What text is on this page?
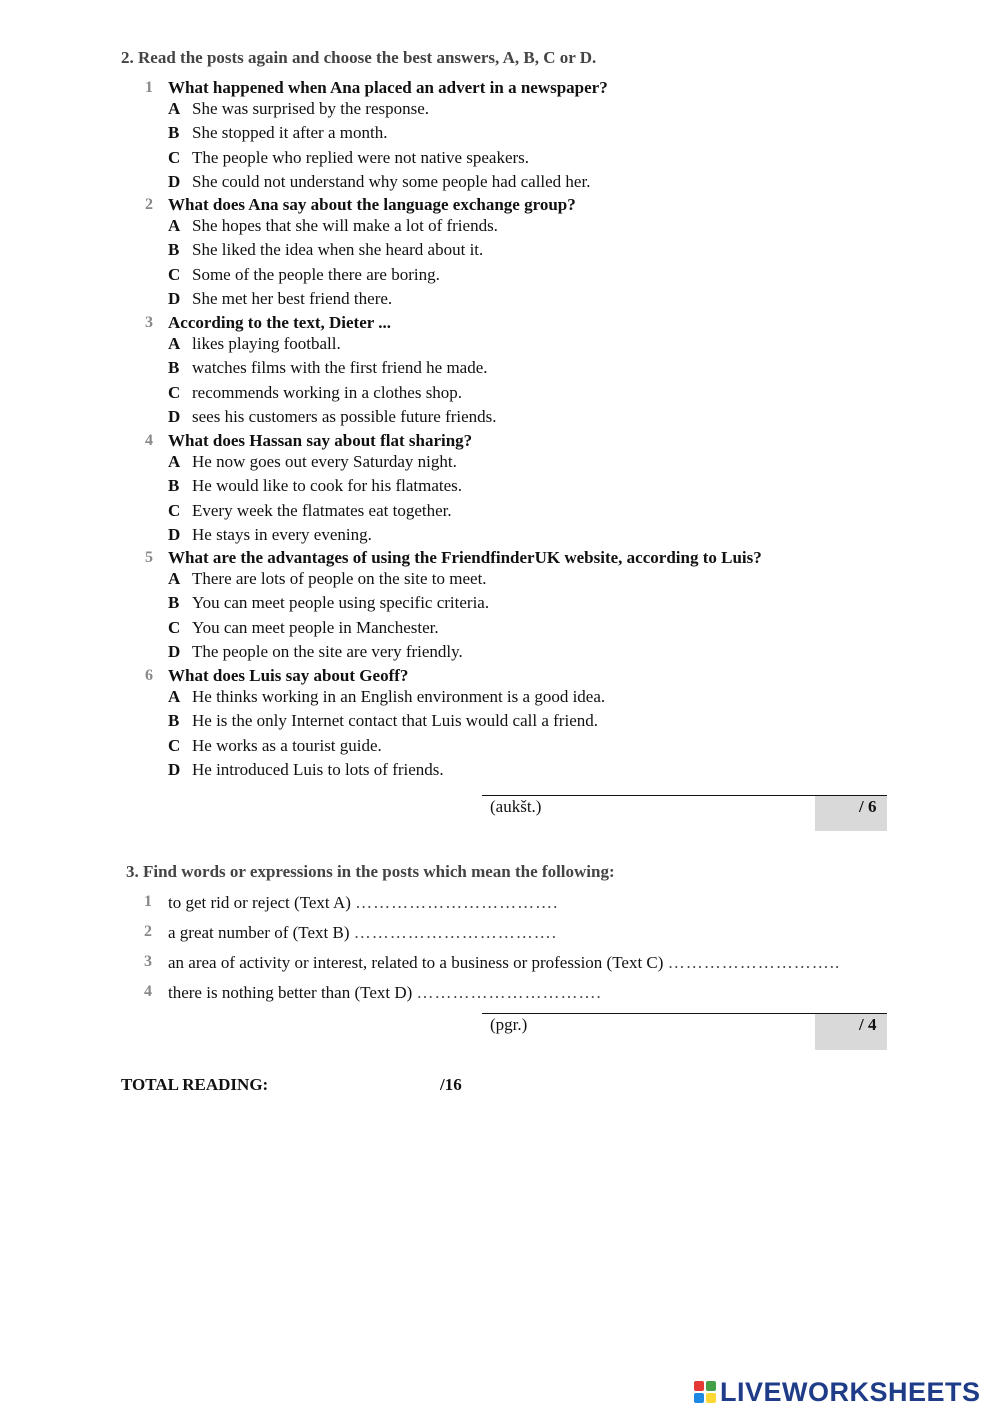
2. Read the posts again and choose the best answers, A, B, C or D.
1 What happened when Ana placed an advert in a newspaper?
A She was surprised by the response.
B She stopped it after a month.
C The people who replied were not native speakers.
D She could not understand why some people had called her.
2 What does Ana say about the language exchange group?
A She hopes that she will make a lot of friends.
B She liked the idea when she heard about it.
C Some of the people there are boring.
D She met her best friend there.
3 According to the text, Dieter ...
A likes playing football.
B watches films with the first friend he made.
C recommends working in a clothes shop.
D sees his customers as possible future friends.
4 What does Hassan say about flat sharing?
A He now goes out every Saturday night.
B He would like to cook for his flatmates.
C Every week the flatmates eat together.
D He stays in every evening.
5 What are the advantages of using the FriendfinderUK website, according to Luis?
A There are lots of people on the site to meet.
B You can meet people using specific criteria.
C You can meet people in Manchester.
D The people on the site are very friendly.
6 What does Luis say about Geoff?
A He thinks working in an English environment is a good idea.
B He is the only Internet contact that Luis would call a friend.
C He works as a tourist guide.
D He introduced Luis to lots of friends.
(aukšt.)	/ 6
3. Find words or expressions in the posts which mean the following:
1 to get rid or reject (Text A) …………………………….
2 a great number of (Text B) …………………………….
3 an area of activity or interest, related to a business or profession (Text C) ………………………..
4 there is nothing better than (Text D) ………………………….
(pgr.)	/ 4
TOTAL READING:	/16
LIVEWORKSHEETS
